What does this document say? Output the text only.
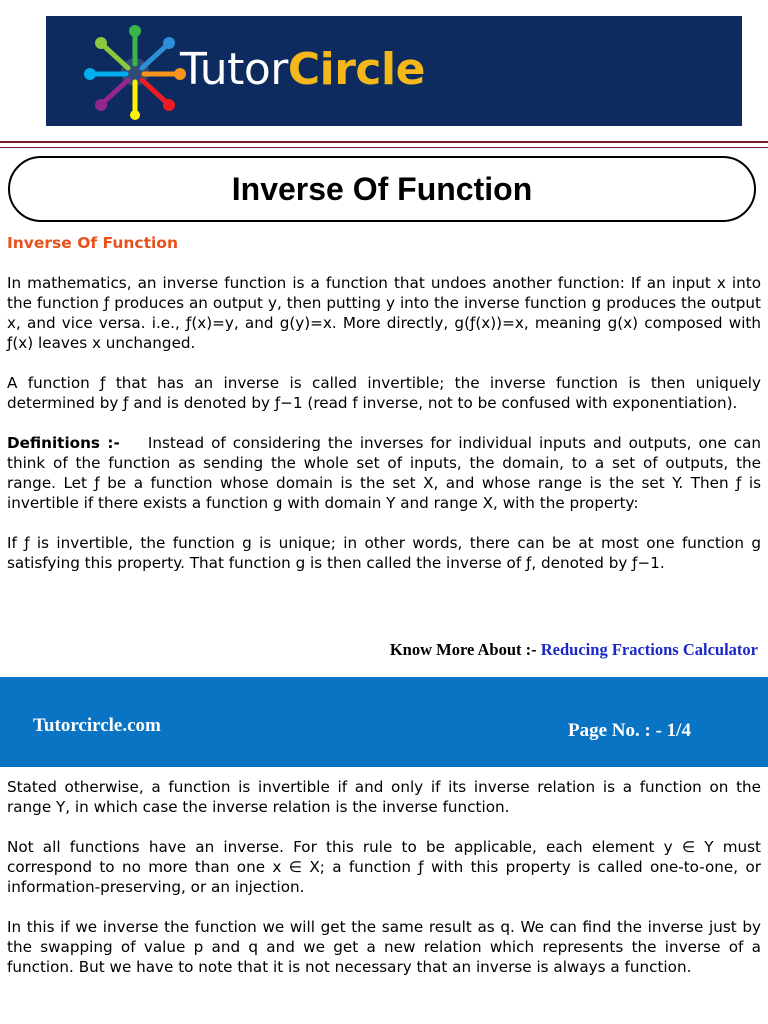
TutorCircle
Inverse Of Function

Inverse Of Function

In mathematics, an inverse function is a function that undoes another function: If an input x into the function ƒ produces an output y, then putting y into the inverse function g produces the output x, and vice versa. i.e., ƒ(x)=y, and g(y)=x. More directly, g(ƒ(x))=x, meaning g(x) composed with ƒ(x) leaves x unchanged.

A function ƒ that has an inverse is called invertible; the inverse function is then uniquely determined by ƒ and is denoted by ƒ−1 (read f inverse, not to be confused with exponentiation).

Definitions :- Instead of considering the inverses for individual inputs and outputs, one can think of the function as sending the whole set of inputs, the domain, to a set of outputs, the range. Let ƒ be a function whose domain is the set X, and whose range is the set Y. Then ƒ is invertible if there exists a function g with domain Y and range X, with the property:

If ƒ is invertible, the function g is unique; in other words, there can be at most one function g satisfying this property. That function g is then called the inverse of ƒ, denoted by ƒ−1.

Know More About :- Reducing Fractions Calculator
Tutorcircle.com	Page No. : - 1/4

Stated otherwise, a function is invertible if and only if its inverse relation is a function on the range Y, in which case the inverse relation is the inverse function.

Not all functions have an inverse. For this rule to be applicable, each element y ∈ Y must correspond to no more than one x ∈ X; a function ƒ with this property is called one-to-one, or information-preserving, or an injection.

In this if we inverse the function we will get the same result as q. We can find the inverse just by the swapping of value p and q and we get a new relation which represents the inverse of a function. But we have to note that it is not necessary that an inverse is always a function.
